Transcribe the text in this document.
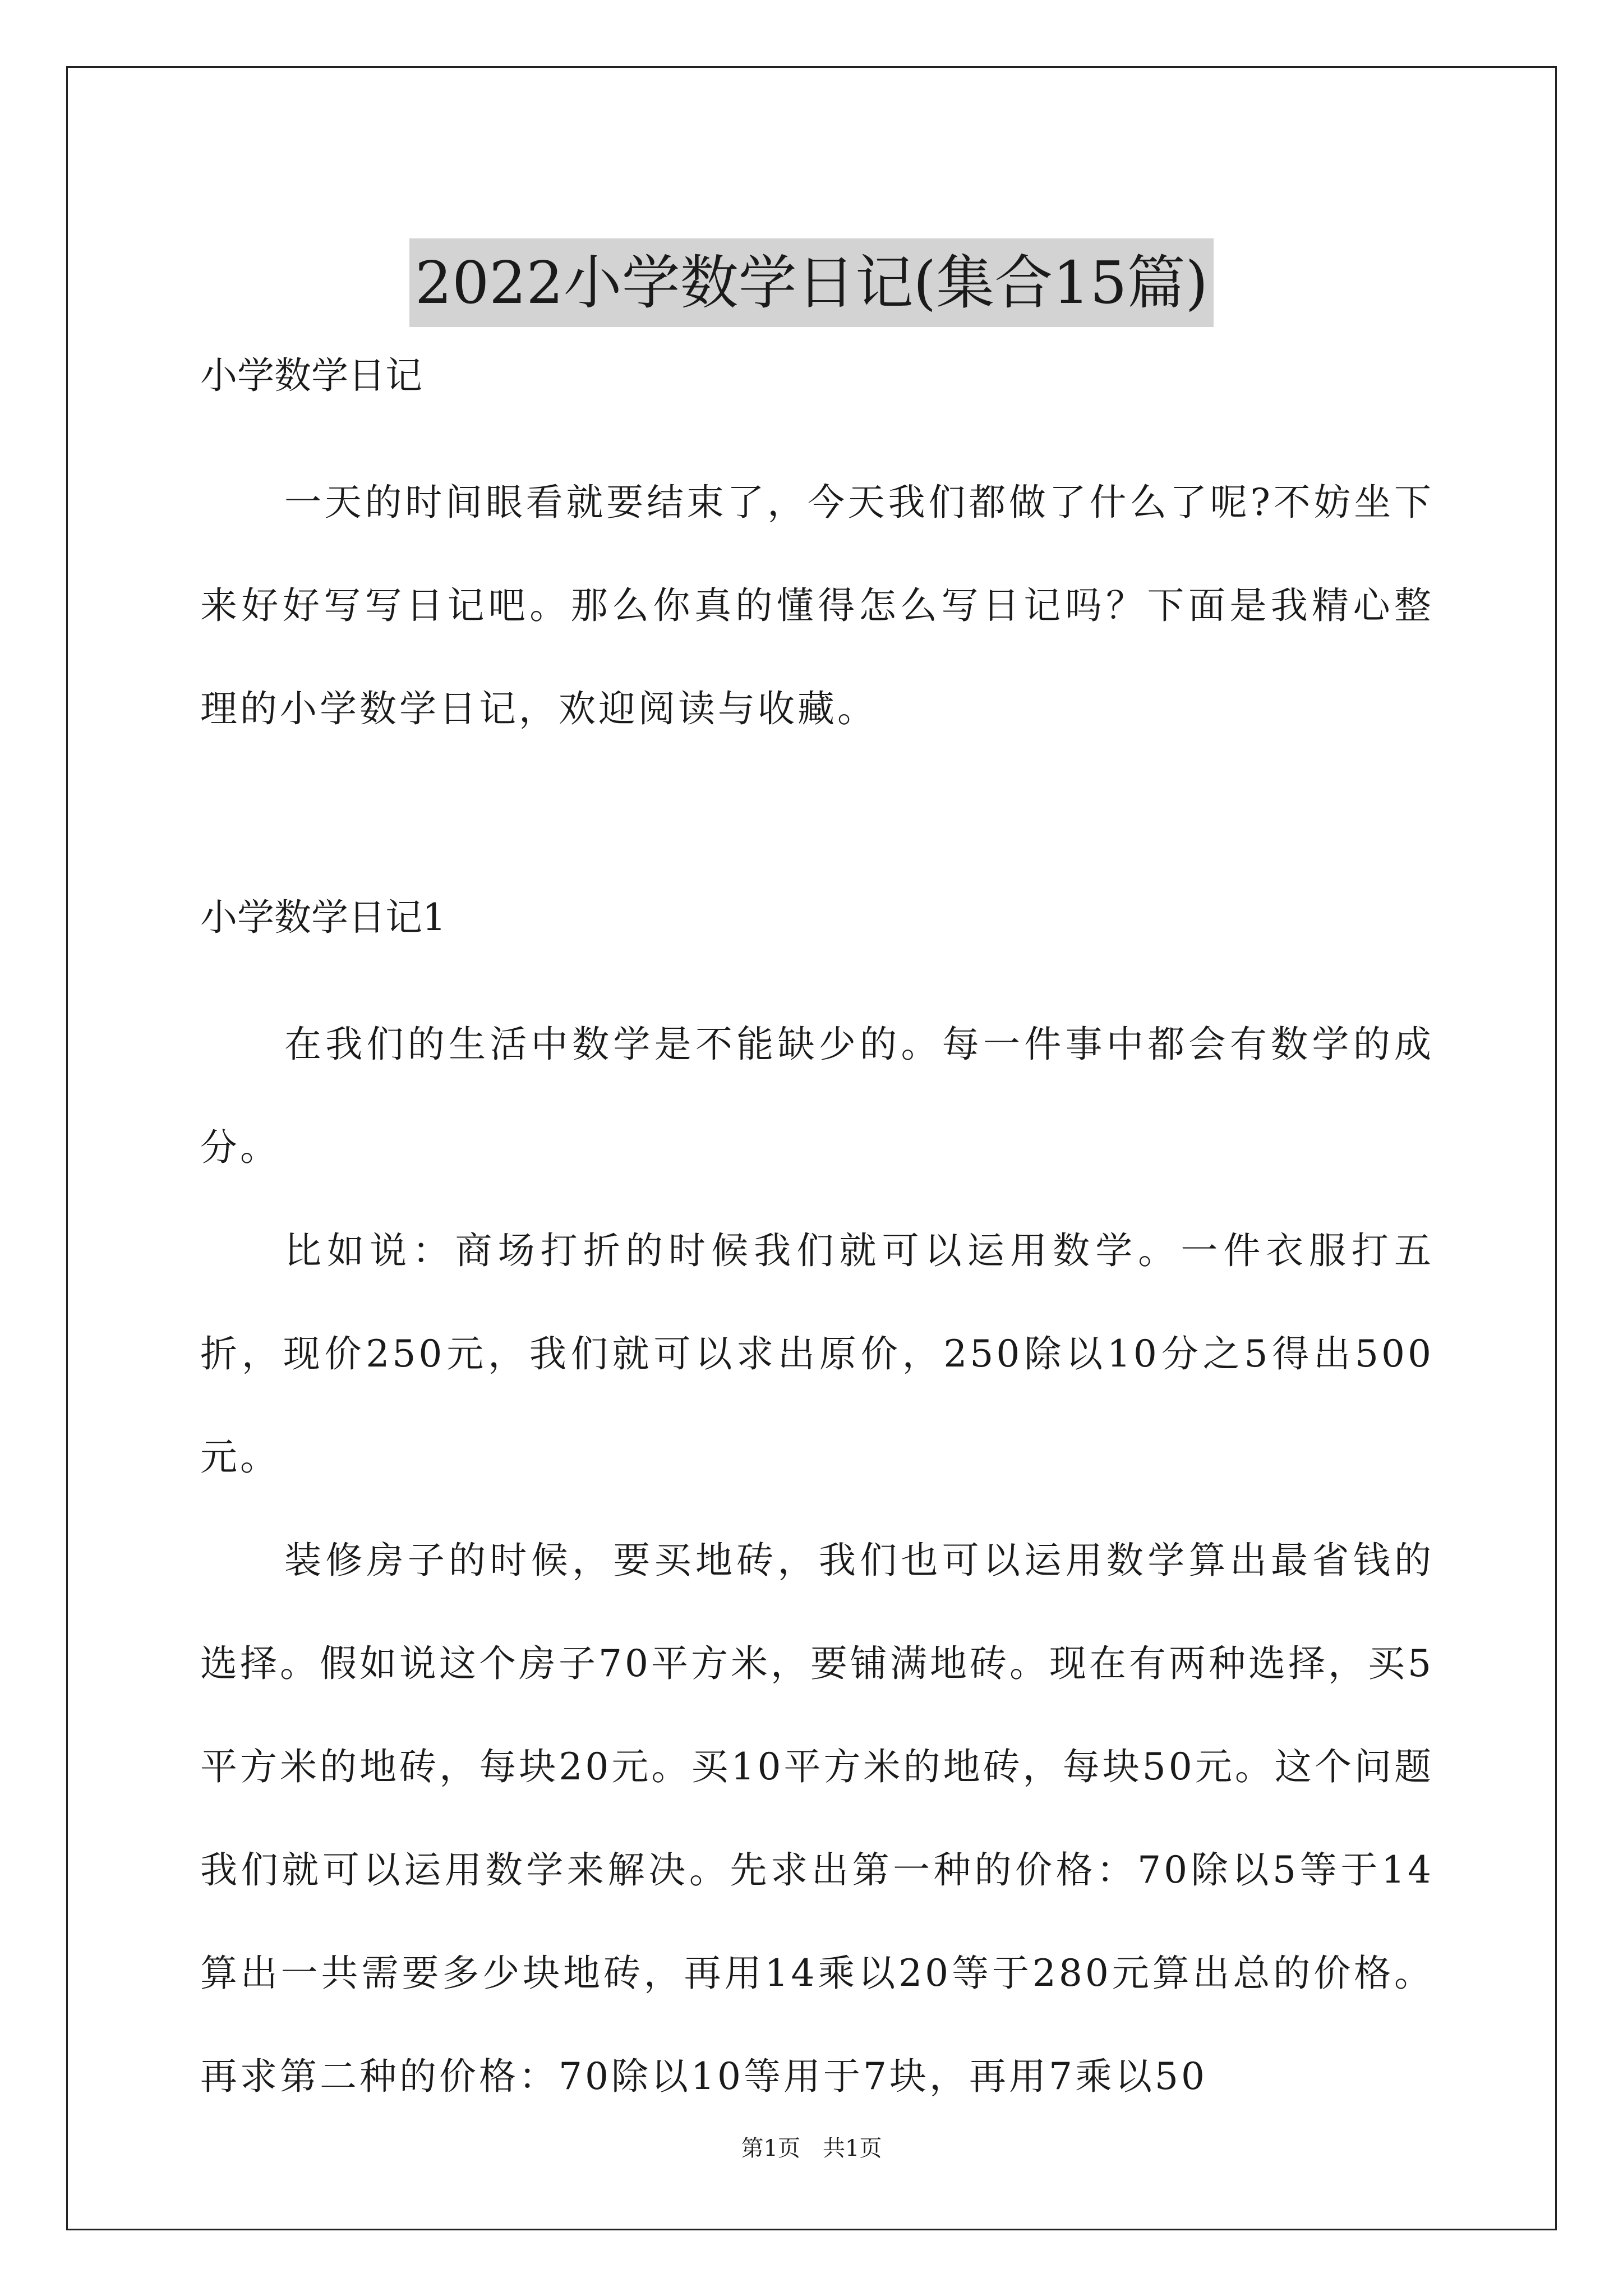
2022小学数学日记(集合15篇)
小学数学日记

一天的时间眼看就要结束了，今天我们都做了什么了呢?不妨坐下来好好写写日记吧。那么你真的懂得怎么写日记吗？下面是我精心整理的小学数学日记，欢迎阅读与收藏。

小学数学日记1

在我们的生活中数学是不能缺少的。每一件事中都会有数学的成分。

比如说：商场打折的时候我们就可以运用数学。一件衣服打五折，现价250元，我们就可以求出原价，250除以10分之5得出500元。

装修房子的时候，要买地砖，我们也可以运用数学算出最省钱的选择。假如说这个房子70平方米，要铺满地砖。现在有两种选择，买5平方米的地砖，每块20元。买10平方米的地砖，每块50元。这个问题我们就可以运用数学来解决。先求出第一种的价格：70除以5等于14算出一共需要多少块地砖，再用14乘以20等于280元算出总的价格。再求第二种的价格：70除以10等用于7块，再用7乘以50

第1页　共1页
